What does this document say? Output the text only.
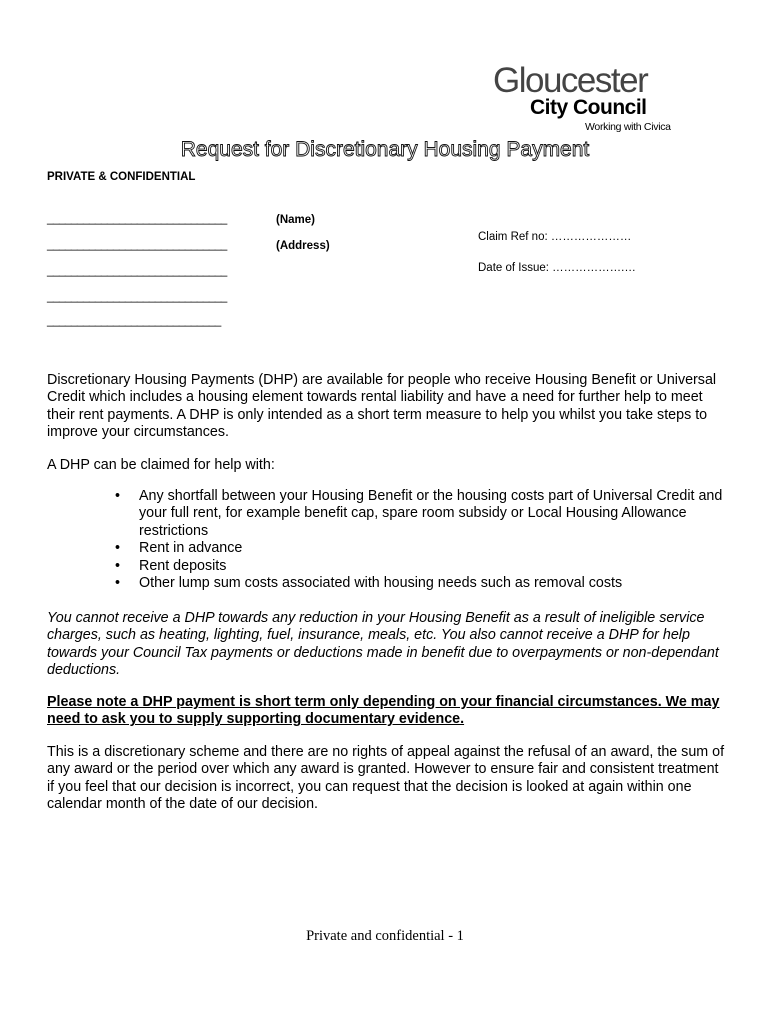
Gloucester
City Council
Working with Civica
Request for Discretionary Housing Payment
PRIVATE & CONFIDENTIAL
______________________________	(Name)
______________________________	(Address)
______________________________
______________________________
_____________________________
Claim Ref no: …………………
Date of Issue: ……………….…

Discretionary Housing Payments (DHP) are available for people who receive Housing Benefit or Universal Credit which includes a housing element towards rental liability and have a need for further help to meet their rent payments. A DHP is only intended as a short term measure to help you whilst you take steps to improve your circumstances.

A DHP can be claimed for help with:

• Any shortfall between your Housing Benefit or the housing costs part of Universal Credit and your full rent, for example benefit cap, spare room subsidy or Local Housing Allowance restrictions
• Rent in advance
• Rent deposits
• Other lump sum costs associated with housing needs such as removal costs

You cannot receive a DHP towards any reduction in your Housing Benefit as a result of ineligible service charges, such as heating, lighting, fuel, insurance, meals, etc. You also cannot receive a DHP for help towards your Council Tax payments or deductions made in benefit due to overpayments or non-dependant deductions.

Please note a DHP payment is short term only depending on your financial circumstances. We may need to ask you to supply supporting documentary evidence.

This is a discretionary scheme and there are no rights of appeal against the refusal of an award, the sum of any award or the period over which any award is granted. However to ensure fair and consistent treatment if you feel that our decision is incorrect, you can request that the decision is looked at again within one calendar month of the date of our decision.

Private and confidential - 1
